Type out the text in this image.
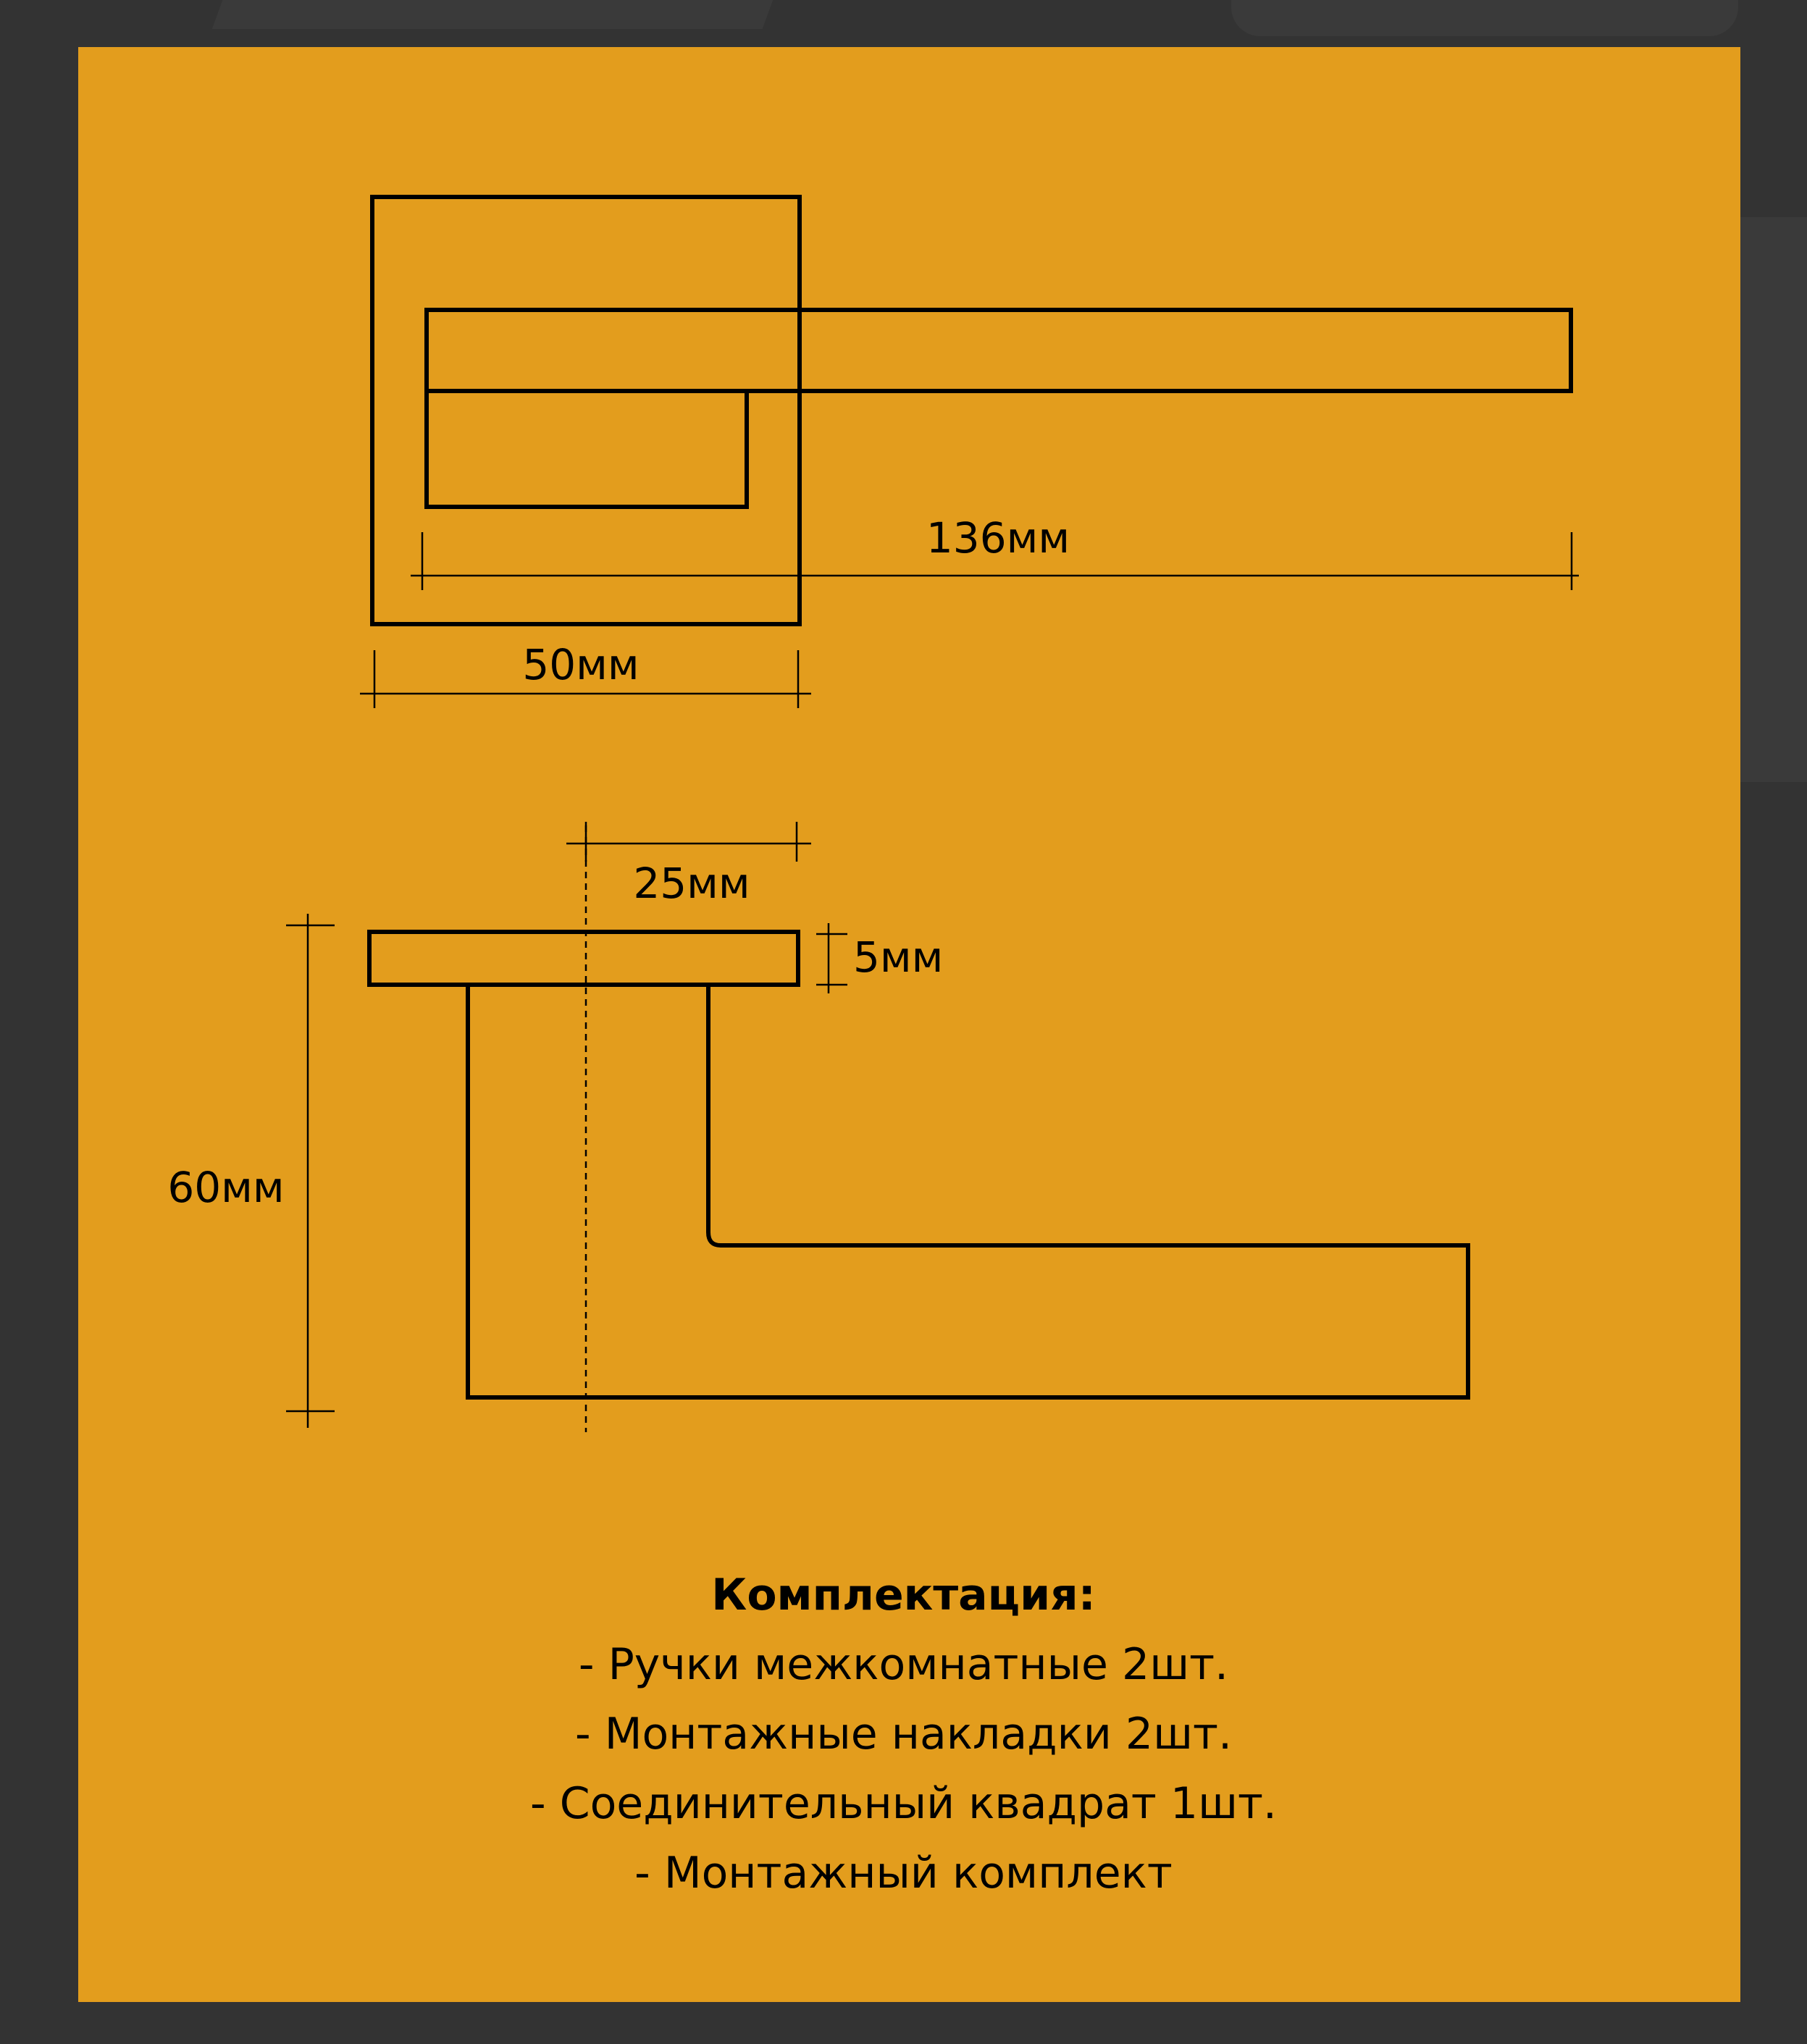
136мм
50мм
25мм
5мм
60мм
Комплектация:
- Ручки межкомнатные 2шт.
- Монтажные накладки 2шт.
- Соединительный квадрат 1шт.
- Монтажный комплект
